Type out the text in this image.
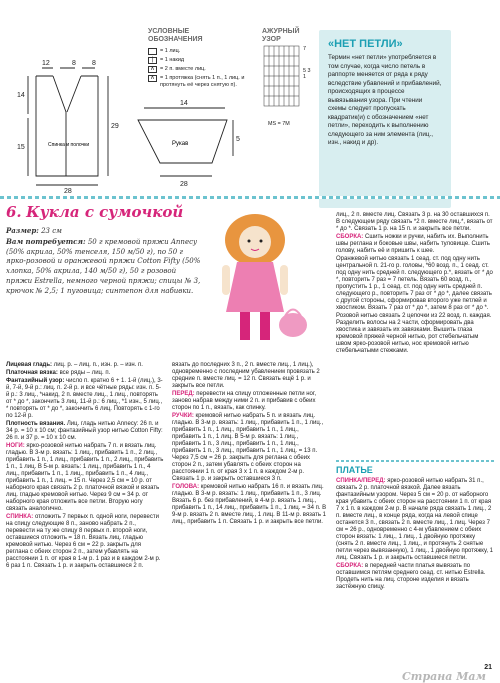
12	8 8
14
15
28
Спинка и полочки
14
Рукав
29
5
28
УСЛОВНЫЕ
ОБОЗНАЧЕНИЯ
= 1 лиц.
|	= 1 накид
∧ = 2 п. вместе лиц.
∧ = 1 протяжка (снять 1 п., 1 лиц. и протянуть её через снятую п).
АЖУРНЫЙ
УЗОР
7
5 3 1
MS = 7M
«НЕТ ПЕТЛИ»
Термин «нет петли» употребляется в том случае, когда число петель в раппорте меняется от ряда к ряду вследствие убавлений и прибавлений, происходящих в процессе вывязывания узора. При чтении схемы следует пропускать квадратик(и) с обозначением «нет петли», переходить к выполнению следующего за ним элемента (лиц., изн., накид и др).
6. Кукла с сумочкой
Размер: 23 см
Вам потребуется: 50 г кремовой пряжи Annecy (50% акрила, 50% тенселя, 150 м/50 г), по 50 г ярко-розовой и оранжевой пряжи Cotton Fifty (50% хлопка, 50% акрила, 140 м/50 г), 50 г розовой пряжи Estrella, немного черной пряжи; спицы № 3, крючок № 2,5; 1 пуговица; синтепон для набивки.

Лицевая гладь: лиц. р. – лиц. п., изн. р. – изн. п.

Платочная вязка: все ряды – лиц. п.

Фантазийный узор: число п. кратно 6 + 1. 1-й (лиц.), 3-й, 7-й, 9-й р.: лиц. п. 2-й р. и все чётные ряды: изн. п. 5-й р.: 3 лиц., *накид, 2 п. вместе лиц., 1 лиц., повторять от * до *, закончить 3 лиц. 11-й р.: 6 лиц., *1 изн., 5 лиц., * повторять от * до *, закончить 6 лиц. Повторять с 1-го по 12-й р.

Плотность вязания. Лиц. гладь нитью Annecy: 26 п. и 34 р. = 10 х 10 см; фантазийный узор нитью Cotton Fifty: 26 п. и 37 р. = 10 х 10 см.

НОГИ: ярко-розовой нитью набрать 7 п. и вязать лиц. гладью. В 3-м р. вязать: 1 лиц., прибавить 1 п., 2 лиц., прибавить 1 п., 1 лиц., прибавить 1 п., 2 лиц., прибавить 1 п., 1 лиц. В 5-м р. вязать: 1 лиц., прибавить 1 п., 4 лиц., прибавить 1 п., 1 лиц., прибавить 1 п., 4 лиц., прибавить 1 п., 1 лиц. = 15 п. Через 2,5 см = 10 р. от наборного края связать 2 р. платочной вязкой и вязать лиц. гладью кремовой нитью. Через 9 см = 34 р. от наборного края отложить все петли. Вторую ногу связать аналогично.

СПИНКА: отложить 7 первых п. одной ноги, перевести на спицу следующие 8 п., заново набрать 2 п., перевести на ту же спицу 8 первых п. второй ноги, оставшиеся отложить = 18 п. Вязать лиц. гладью кремовой нитью. Через 6 см = 22 р. закрыть для реглана с обеих сторон 2 п., затем убавлять на расстоянии 1 п. от края в 1-м р. 1 раз и в каждом 2-м р. 6 раз 1 п. Связать 1 р. и закрыть оставшиеся 2 п.

вязать до последних 3 п., 2 п. вместе лиц., 1 лиц.), одновременно с последним убавлением провязать 2 средние п. вместе лиц. = 12 п. Связать ещё 1 р. и закрыть все петли.

ПЕРЕД: перевести на спицу отложенные петли ног, заново набрав между ними 2 п. и прибавив с обеих сторон по 1 п., вязать, как спинку.

РУЧКИ: кремовой нитью набрать 5 п. и вязать лиц. гладью. В 3-м р. вязать: 1 лиц., прибавить 1 п., 1 лиц., прибавить 1 п., 1 лиц., прибавить 1 п., 1 лиц., прибавить 1 п., 1 лиц. В 5-м р. вязать: 1 лиц., прибавить 1 п., 3 лиц., прибавить 1 п., 1 лиц., прибавить 1 п., 3 лиц., прибавить 1 п., 1 лиц. = 13 п. Через 7,5 см = 26 р. закрыть для реглана с обеих сторон 2 п., затем убавлять с обеих сторон на расстоянии 1 п. от края 3 х 1 п. в каждом 2-м р. Связать 1 р. и закрыть оставшиеся 3 п.

ГОЛОВА: кремовой нитью набрать 16 п. и вязать лиц. гладью. В 3-м р. вязать: 1 лиц., прибавить 1 п., 3 лиц. Вязать 6 р. без прибавлений, в 4-м р. вязать 1 лиц., прибавить 1 п., 14 лиц., прибавить 1 п., 1 лиц. = 34 п. В 9-м р. вязать 2 п. вместе лиц., 1 лиц. В 11-м р. вязать 1 лиц., прибавить 1 п. Связать 1 р. и закрыть все петли.

лиц., 2 п. вместе лиц. Связать 3 р. на 30 оставшихся п. В следующем ряду связать *2 п. вместе лиц.*, вязать от * до *. Связать 1 р. на 15 п. и закрыть все петли.

СБОРКА: Сшить ножки и ручки, набить их. Выполнить швы реглана и боковые швы, набить туловище. Сшить голову, набить её и пришить к шее.

Оранжевой нитью связать 1 сеад. ст. под одну нить центральной п. 21-го р. головы, *60 возд. п., 1 сеад. ст. под одну нить средней п. следующего р.*, вязать от * до *, повторить 7 раз = 7 петель. Вязать 60 возд. п., пропустить 1 р., 1 сеад. ст. под одну нить средней п. следующего р., повторить 7 раз от * до *, далее связать с другой стороны, сформировав второго уже петлей и хвостиком. Вязать 7 раз от * до *, затем 8 раз от * до *.

Розовой нитью связать 2 цепочки из 22 возд. п. каждая. Разделить волосы на 2 части, сформировать два хвостика и завязать их завязками. Вышить глаза кремовой пряжей черной нитью, рот стебельчатым швом ярко-розовой нитью, нос кремовой нитью стебельчатыми стежками.

ПЛАТЬЕ

СПИНКА/ПЕРЕД: ярко-розовой нитью набрать 31 п., связать 2 р. платочной вязкой. Далее вязать фантазийным узором. Через 5 см = 20 р. от наборного края убавить с обеих сторон на расстоянии 1 п. от края 7 х 1 п. в каждом 2-м р. В начале ряда связать 1 лиц., 2 п. вместе лиц., в конце ряда, когда на левой спице останется 3 п., связать 2 п. вместе лиц., 1 лиц. Через 7 см = 26 р., одновременно с 4-м убавлением с обеих сторон вязать: 1 лиц., 1 лиц., 1 двойную протяжку (снять 2 п. вместе лиц., 1 лиц., и протянуть 2 снятые петли через вывязанную), 1 лиц., 1 двойную протяжку, 1 лиц. Связать 1 р. и закрыть оставшиеся петли.

СБОРКА: в передней части платья вывязать по оставшимся петлям среднего сеад. ст. нитью Estrella. Продеть нить на лиц. стороне изделия и вязать застёжную спицу.

21
Страна Мам
